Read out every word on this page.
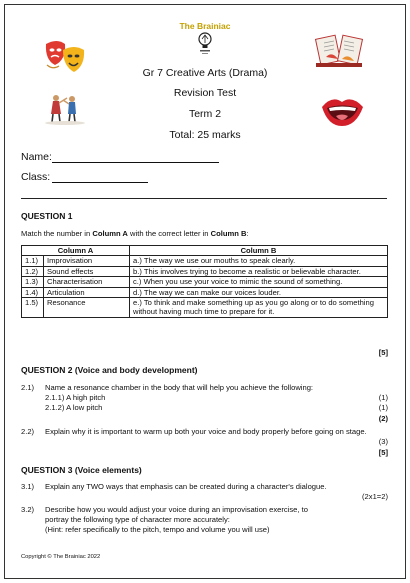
The Brainiac
Gr 7 Creative Arts (Drama)
Revision Test
Term 2
Total: 25 marks
Name:
Class:
QUESTION 1
Match the number in Column A with the correct letter in Column B:
Column A		Column B
1.1)	Improvisation	a.) The way we use our mouths to speak clearly.
1.2)	Sound effects	b.) This involves trying to become a realistic or believable character.
1.3)	Characterisation	c.) When you use your voice to mimic the sound of something.
1.4)	Articulation	d.) The way we can make our voices louder.
1.5)	Resonance	e.) To think and make something up as you go along or to do something without having much time to prepare for it.
[5]
QUESTION 2 (Voice and body development)
2.1) Name a resonance chamber in the body that will help you achieve the following:
2.1.1) A high pitch	(1)
2.1.2) A low pitch	(1)
(2)
2.2) Explain why it is important to warm up both your voice and body properly before going on stage.
(3)
[5]
QUESTION 3 (Voice elements)
3.1) Explain any TWO ways that emphasis can be created during a character's dialogue.
(2x1=2)
3.2) Describe how you would adjust your voice during an improvisation exercise, to
portray the following type of character more accurately:
(Hint: refer specifically to the pitch, tempo and volume you will use)
Copyright © The Brainiac 2022
